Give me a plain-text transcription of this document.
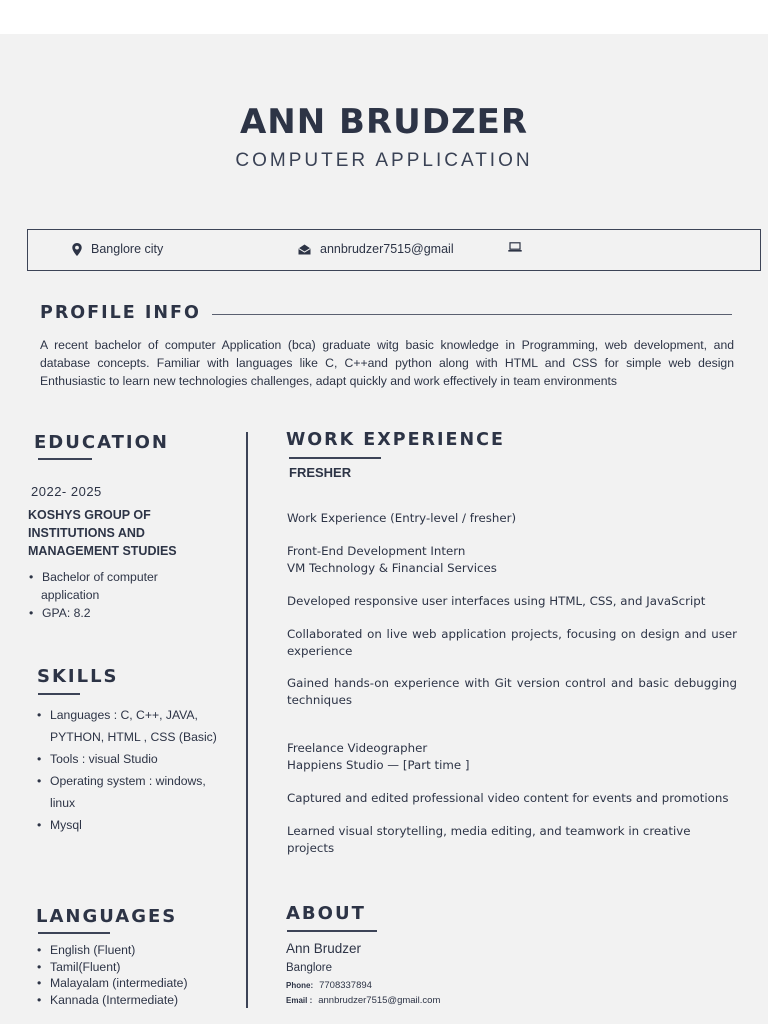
ANN BRUDZER
COMPUTER APPLICATION
Banglore city	annbrudzer7515@gmail
PROFILE INFO
A recent bachelor of computer Application (bca) graduate witg basic knowledge in Programming, web development, and database concepts. Familiar with languages like C, C++and python along with HTML and CSS for simple web design Enthusiastic to learn new technologies challenges, adapt quickly and work effectively in team environments
EDUCATION
2022- 2025
KOSHYS GROUP OF
INSTITUTIONS AND
MANAGEMENT STUDIES
• Bachelor of computer
application
• GPA: 8.2
SKILLS
• Languages : C, C++, JAVA,
PYTHON, HTML , CSS (Basic)
• Tools : visual Studio
• Operating system : windows,
linux
• Mysql
LANGUAGES
• English (Fluent)
• Tamil(Fluent)
• Malayalam (intermediate)
• Kannada (Intermediate)
WORK EXPERIENCE
FRESHER
Work Experience (Entry-level / fresher)
Front-End Development Intern
VM Technology & Financial Services
Developed responsive user interfaces using HTML, CSS, and JavaScript
Collaborated on live web application projects, focusing on design and user experience
Gained hands-on experience with Git version control and basic debugging techniques
Freelance Videographer
Happiens Studio — [Part time ]
Captured and edited professional video content for events and promotions
Learned visual storytelling, media editing, and teamwork in creative projects
ABOUT
Ann Brudzer
Banglore
Phone: 7708337894
Email : annbrudzer7515@gmail.com
